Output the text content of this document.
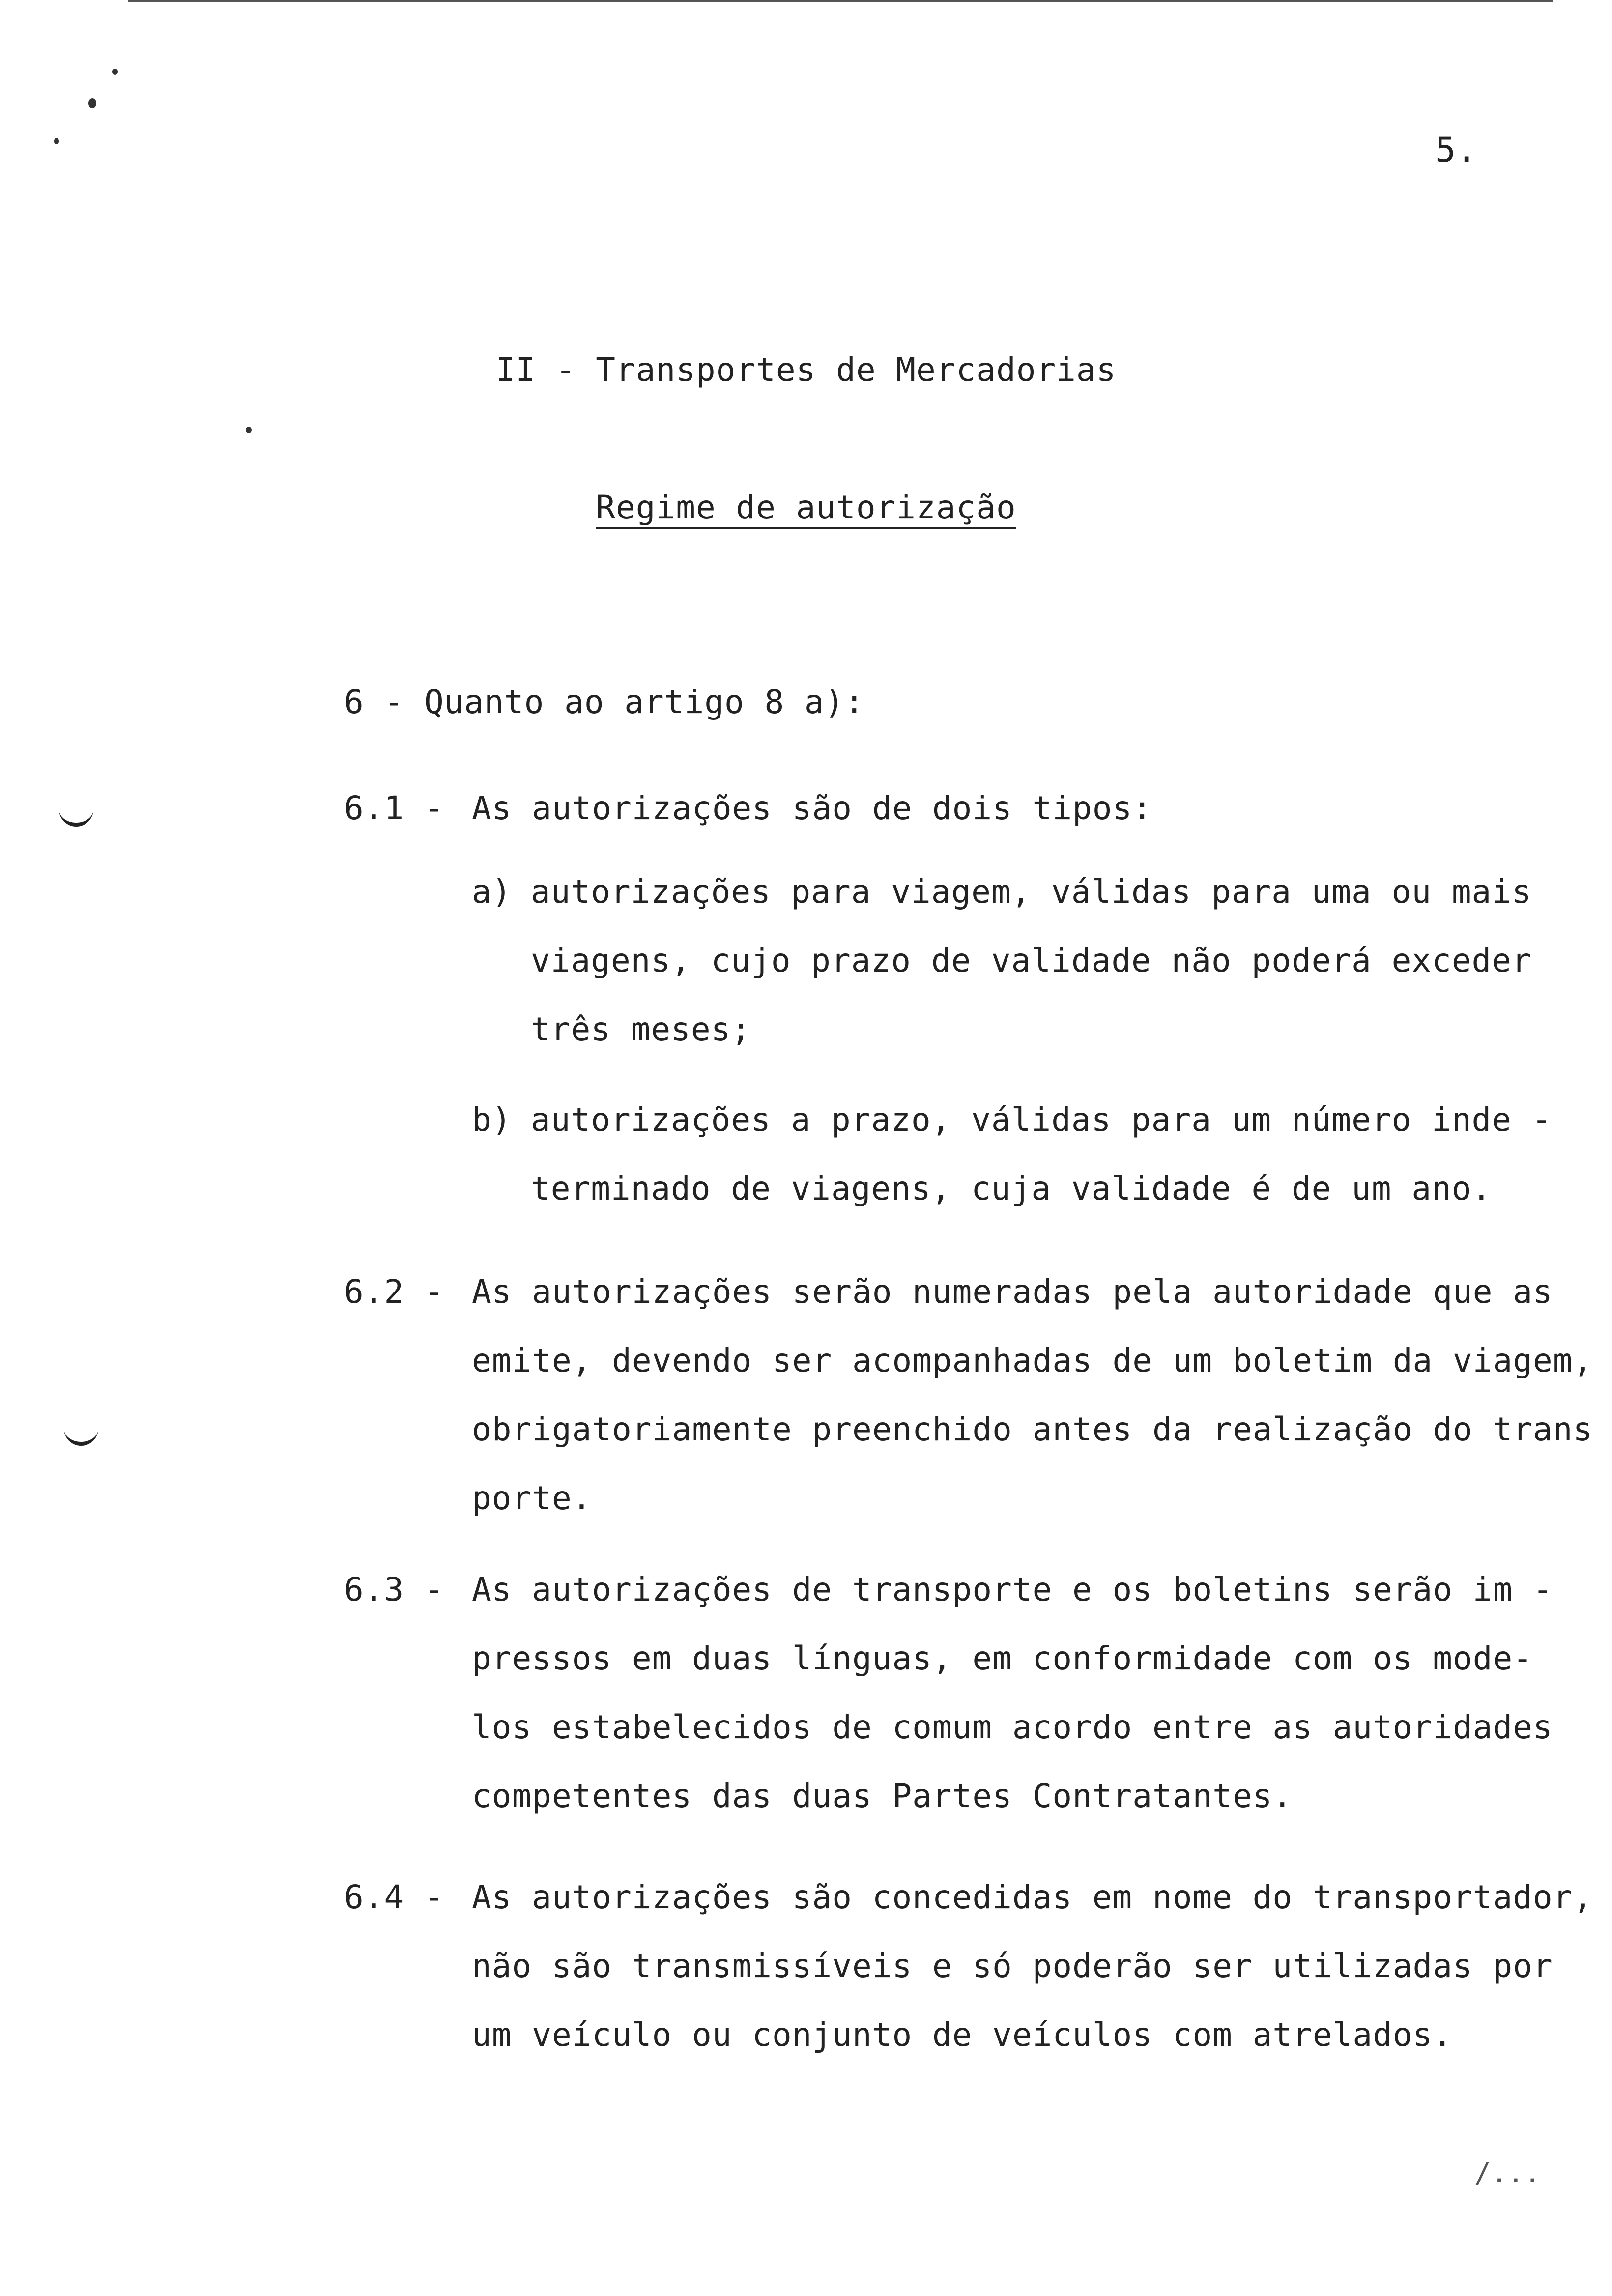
5.
II - Transportes de Mercadorias
Regime de autorização
6 - Quanto ao artigo 8 a):
6.1 - As autorizações são de dois tipos:
a) autorizações para viagem, válidas para uma ou mais
viagens, cujo prazo de validade não poderá exceder
três meses;
b) autorizações a prazo, válidas para um número inde -
terminado de viagens, cuja validade é de um ano.
6.2 - As autorizações serão numeradas pela autoridade que as
emite, devendo ser acompanhadas de um boletim da viagem,
obrigatoriamente preenchido antes da realização do trans
porte.
6.3 - As autorizações de transporte e os boletins serão im -
pressos em duas línguas, em conformidade com os mode-
los estabelecidos de comum acordo entre as autoridades
competentes das duas Partes Contratantes.
6.4 - As autorizações são concedidas em nome do transportador,
não são transmissíveis e só poderão ser utilizadas por
um veículo ou conjunto de veículos com atrelados.
/...
